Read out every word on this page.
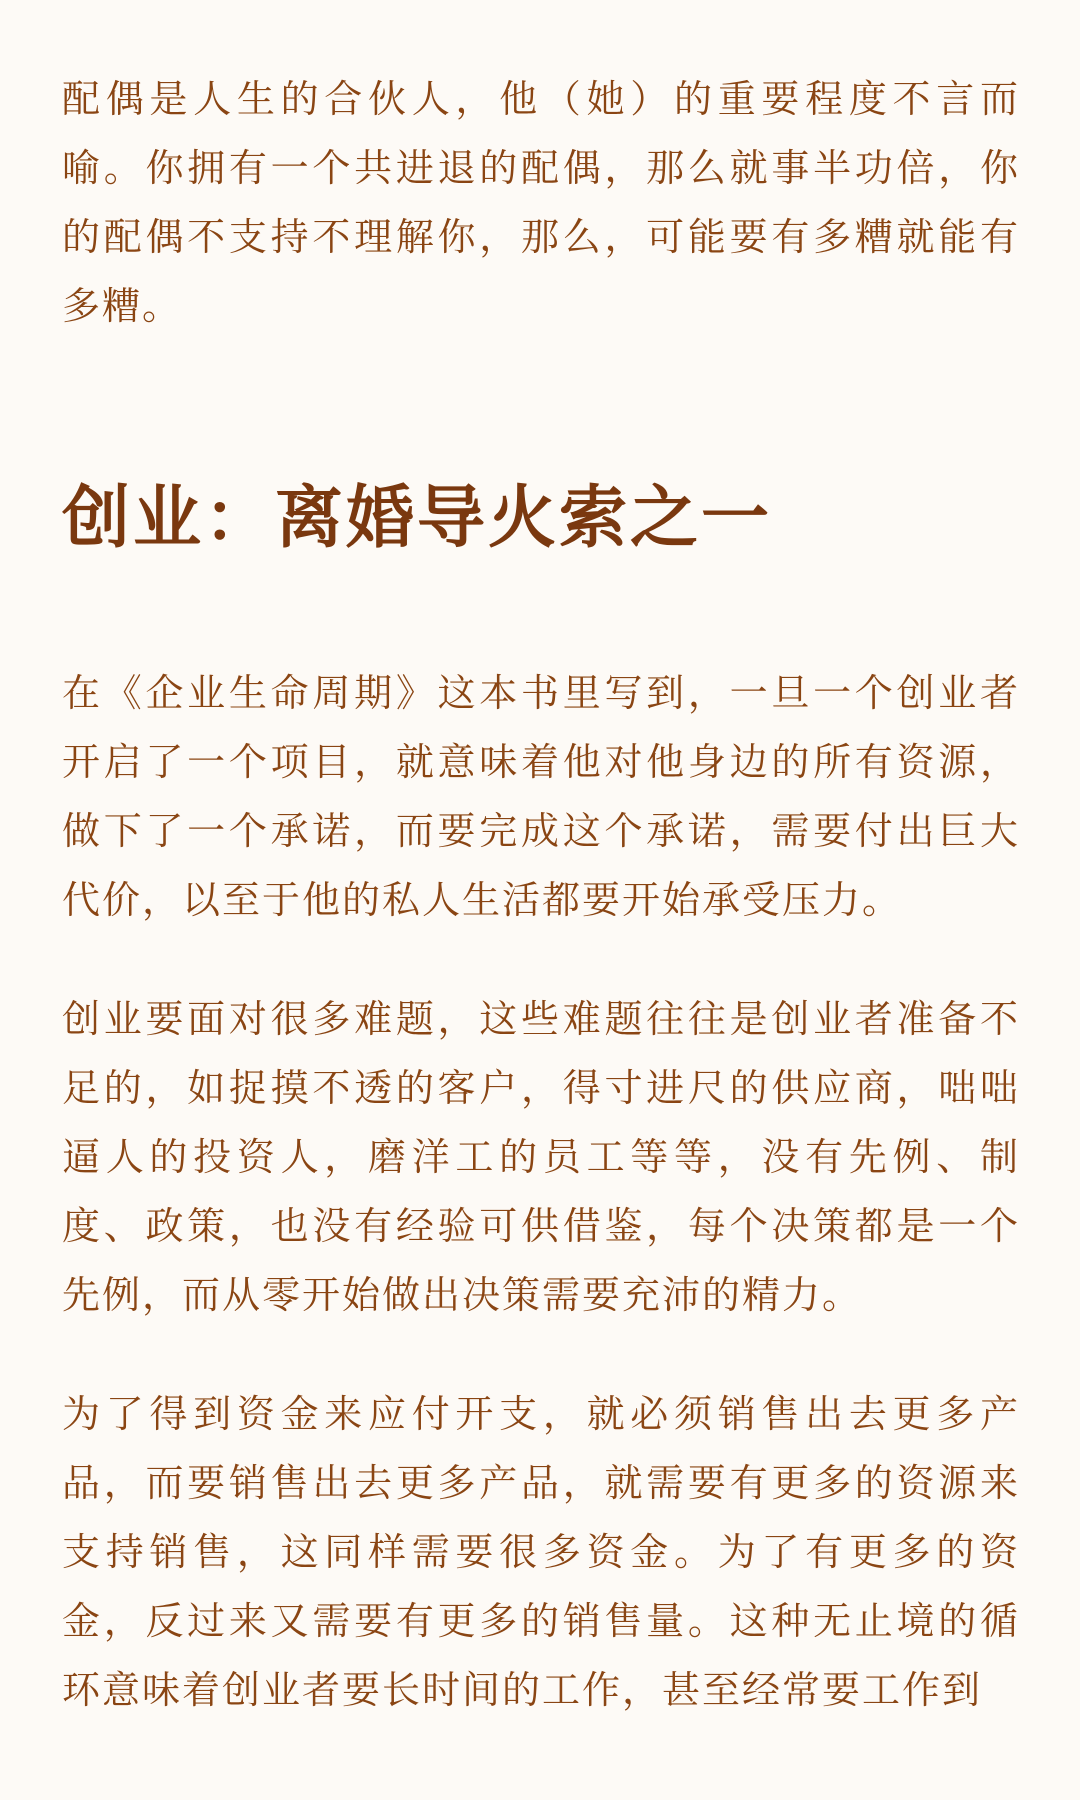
配偶是人生的合伙人，他（她）的重要程度不言而喻。你拥有一个共进退的配偶，那么就事半功倍，你的配偶不支持不理解你，那么，可能要有多糟就能有多糟。

创业：离婚导火索之一

在《企业生命周期》这本书里写到，一旦一个创业者开启了一个项目，就意味着他对他身边的所有资源，做下了一个承诺，而要完成这个承诺，需要付出巨大代价，以至于他的私人生活都要开始承受压力。

创业要面对很多难题，这些难题往往是创业者准备不足的，如捉摸不透的客户，得寸进尺的供应商，咄咄逼人的投资人，磨洋工的员工等等，没有先例、制度、政策，也没有经验可供借鉴，每个决策都是一个先例，而从零开始做出决策需要充沛的精力。

为了得到资金来应付开支，就必须销售出去更多产品，而要销售出去更多产品，就需要有更多的资源来支持销售，这同样需要很多资金。为了有更多的资金，反过来又需要有更多的销售量。这种无止境的循环意味着创业者要长时间的工作，甚至经常要工作到
